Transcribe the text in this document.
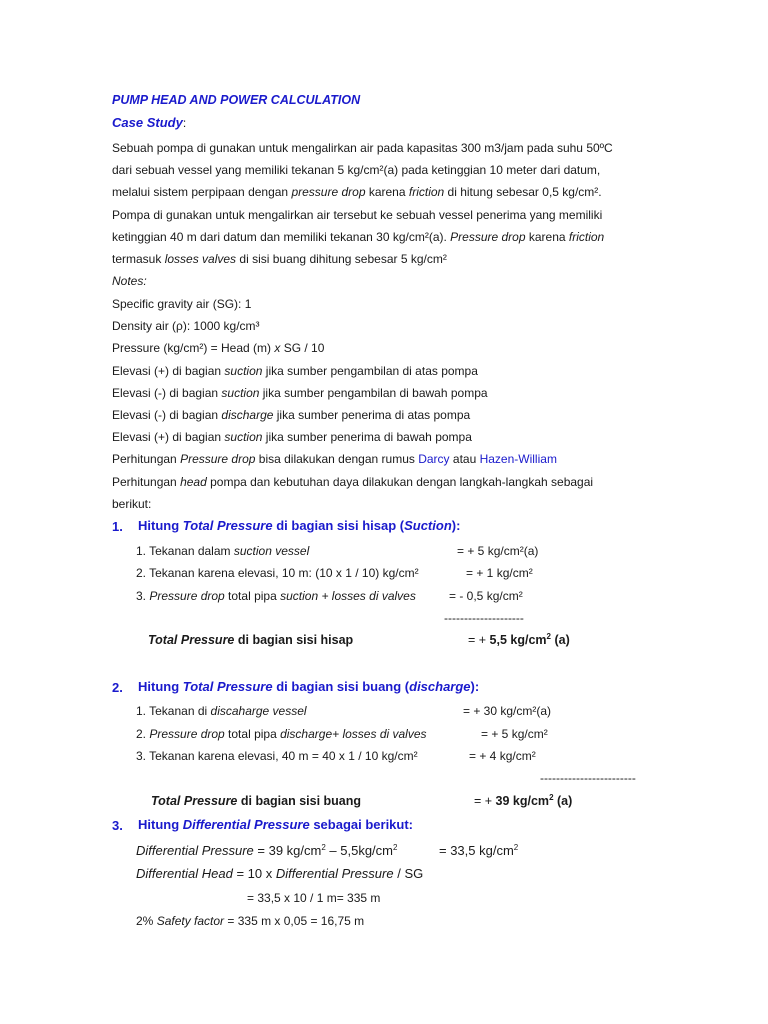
PUMP HEAD AND POWER CALCULATION
Case Study:
Sebuah pompa di gunakan untuk mengalirkan air pada kapasitas 300 m3/jam pada suhu 50ºC
dari sebuah vessel yang memiliki tekanan 5 kg/cm²(a) pada ketinggian 10 meter dari datum,
melalui sistem perpipaan dengan pressure drop karena friction di hitung sebesar 0,5 kg/cm².
Pompa di gunakan untuk mengalirkan air tersebut ke sebuah vessel penerima yang memiliki
ketinggian 40 m dari datum dan memiliki tekanan 30 kg/cm²(a). Pressure drop karena friction
termasuk losses valves di sisi buang dihitung sebesar 5 kg/cm²
Notes:
Specific gravity air (SG): 1
Density air (ρ): 1000 kg/cm³
Pressure (kg/cm²) = Head (m) x SG / 10
Elevasi (+) di bagian suction jika sumber pengambilan di atas pompa
Elevasi (-) di bagian suction jika sumber pengambilan di bawah pompa
Elevasi (-) di bagian discharge jika sumber penerima di atas pompa
Elevasi (+) di bagian suction jika sumber penerima di bawah pompa
Perhitungan Pressure drop bisa dilakukan dengan rumus Darcy atau Hazen-William
Perhitungan head pompa dan kebutuhan daya dilakukan dengan langkah-langkah sebagai
berikut:
1. Hitung Total Pressure di bagian sisi hisap (Suction):
1. Tekanan dalam suction vessel	= + 5 kg/cm²(a)
2. Tekanan karena elevasi, 10 m: (10 x 1 / 10) kg/cm²	= + 1 kg/cm²
3. Pressure drop total pipa suction + losses di valves	= - 0,5 kg/cm²
--------------------
Total Pressure di bagian sisi hisap	= + 5,5 $kg/cm^2$ (a)
2. Hitung Total Pressure di bagian sisi buang (discharge):
1. Tekanan di discaharge vessel	= + 30 kg/cm²(a)
2. Pressure drop total pipa discharge+ losses di valves	= + 5 kg/cm²
3. Tekanan karena elevasi, 40 m = 40 x 1 / 10 kg/cm²	= + 4 kg/cm²
------------------------
Total Pressure di bagian sisi buang	= + 39 $kg/cm^2$ (a)
3. Hitung Differential Pressure sebagai berikut:
Differential Pressure = 39 $kg/cm^2 - 5,5kg/cm^2$	= 33,5 $kg/cm^2$
Differential Head = 10 x Differential Pressure / SG
= 33,5 x 10 / 1 m= 335 m
2% Safety factor = 335 m x 0,05 = 16,75 m
